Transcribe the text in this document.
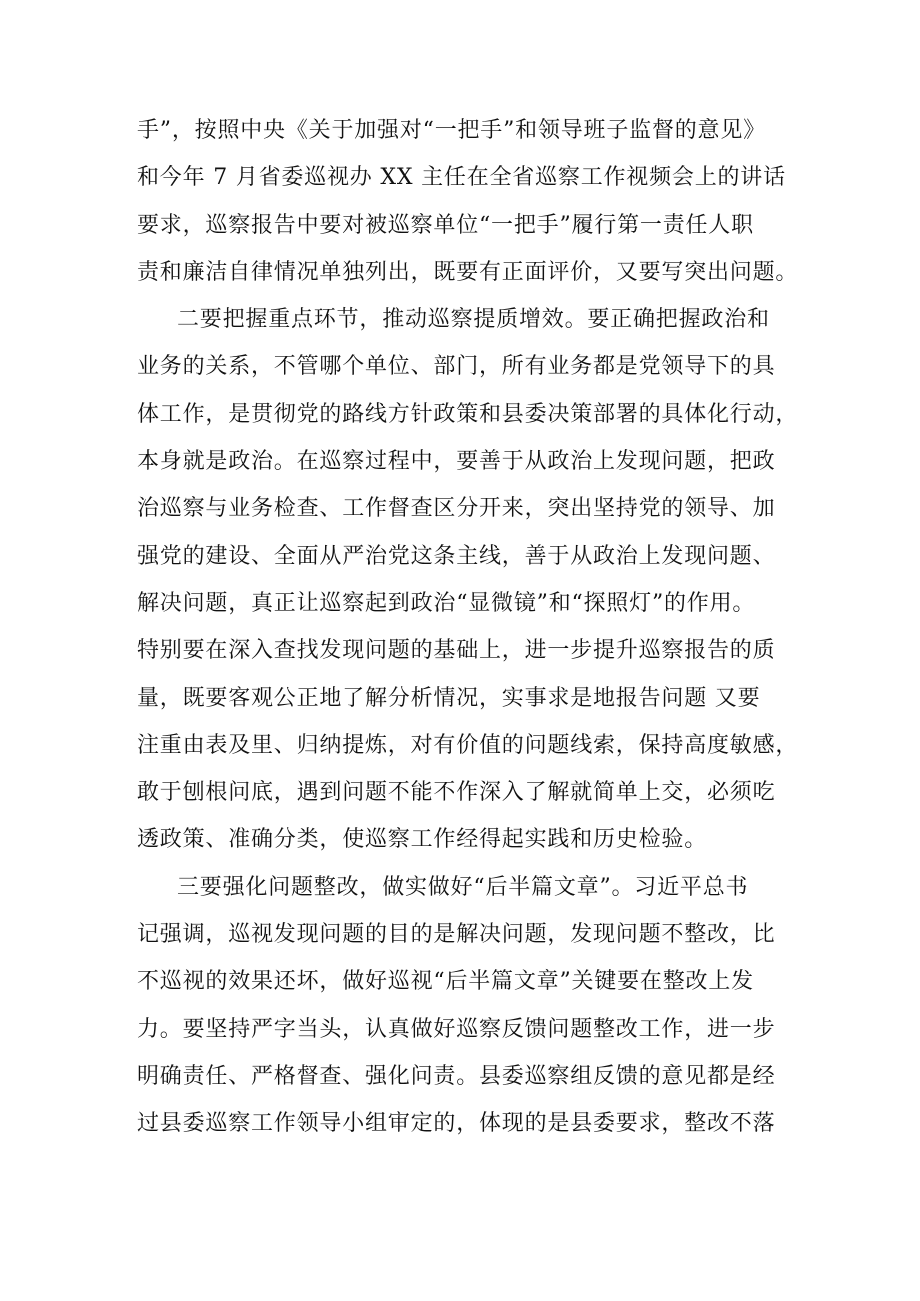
手”，按照中央《关于加强对“一把手”和领导班子监督的意见》
和今年 7 月省委巡视办 XX 主任在全省巡察工作视频会上的讲话
要求，巡察报告中要对被巡察单位“一把手”履行第一责任人职
责和廉洁自律情况单独列出，既要有正面评价，又要写突出问题。
二要把握重点环节，推动巡察提质增效。要正确把握政治和
业务的关系，不管哪个单位、部门，所有业务都是党领导下的具
体工作，是贯彻党的路线方针政策和县委决策部署的具体化行动，
本身就是政治。在巡察过程中，要善于从政治上发现问题，把政
治巡察与业务检查、工作督查区分开来，突出坚持党的领导、加
强党的建设、全面从严治党这条主线，善于从政治上发现问题、
解决问题，真正让巡察起到政治“显微镜”和“探照灯”的作用。
特别要在深入查找发现问题的基础上，进一步提升巡察报告的质
量，既要客观公正地了解分析情况，实事求是地报告问题 又要
注重由表及里、归纳提炼，对有价值的问题线索，保持高度敏感，
敢于刨根问底，遇到问题不能不作深入了解就简单上交，必须吃
透政策、准确分类，使巡察工作经得起实践和历史检验。
三要强化问题整改，做实做好“后半篇文章”。习近平总书
记强调，巡视发现问题的目的是解决问题，发现问题不整改，比
不巡视的效果还坏，做好巡视“后半篇文章”关键要在整改上发
力。要坚持严字当头，认真做好巡察反馈问题整改工作，进一步
明确责任、严格督查、强化问责。县委巡察组反馈的意见都是经
过县委巡察工作领导小组审定的，体现的是县委要求，整改不落
